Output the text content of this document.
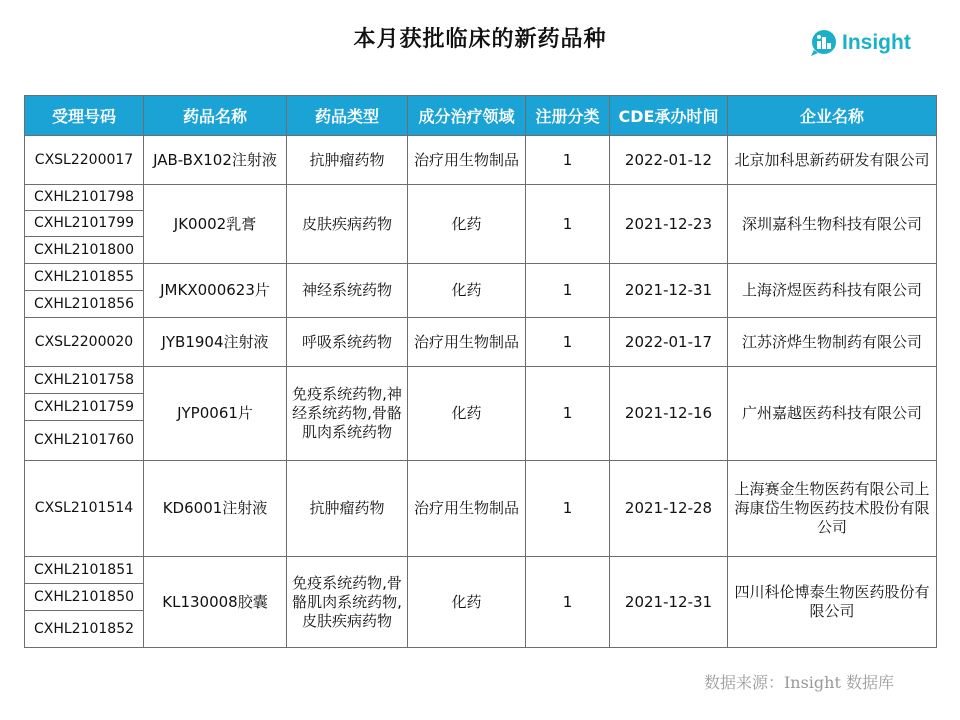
本月获批临床的新药品种	Insight
受理号码	药品名称	药品类型	成分治疗领域	注册分类	CDE承办时间	企业名称
CXSL2200017	JAB-BX102注射液	抗肿瘤药物	治疗用生物制品	1	2022-01-12	北京加科思新药研发有限公司
CXHL2101798	JK0002乳膏	皮肤疾病药物	化药	1	2021-12-23	深圳嘉科生物科技有限公司
CXHL2101799						
CXHL2101800						
CXHL2101855	JMKX000623片	神经系统药物	化药	1	2021-12-31	上海济煜医药科技有限公司
CXHL2101856						
CXSL2200020	JYB1904注射液	呼吸系统药物	治疗用生物制品	1	2022-01-17	江苏济烨生物制药有限公司
CXHL2101758	JYP0061片	免疫系统药物,神经系统药物,骨骼肌肉系统药物	化药	1	2021-12-16	广州嘉越医药科技有限公司
CXHL2101759						
CXHL2101760						
CXSL2101514	KD6001注射液	抗肿瘤药物	治疗用生物制品	1	2021-12-28	上海赛金生物医药有限公司上海康岱生物医药技术股份有限公司
CXHL2101851	KL130008胶囊	免疫系统药物,骨骼肌肉系统药物,皮肤疾病药物	化药	1	2021-12-31	四川科伦博泰生物医药股份有限公司
CXHL2101850						
CXHL2101852						
数据来源：Insight 数据库
